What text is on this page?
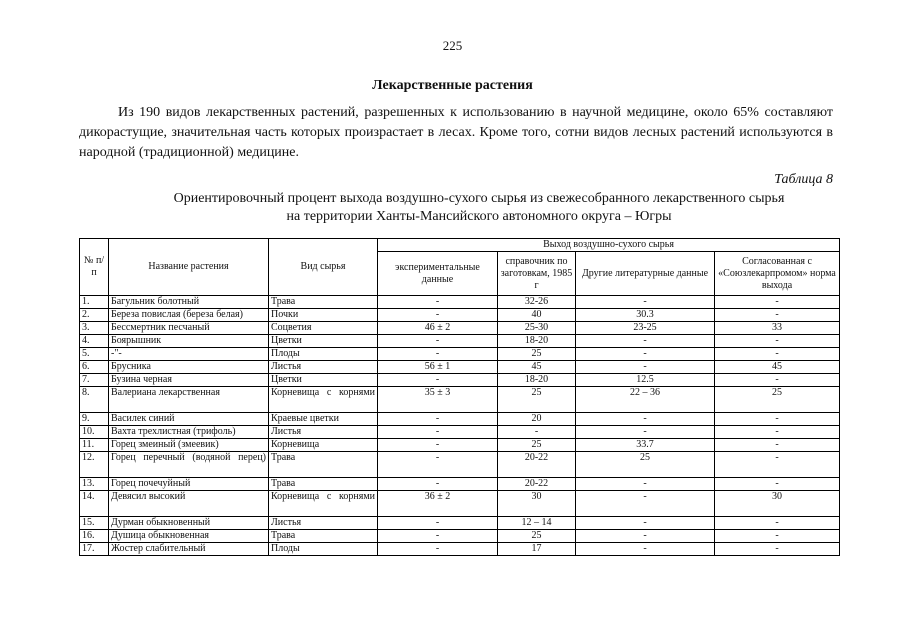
225
Лекарственные растения

Из 190 видов лекарственных растений, разрешенных к использованию в научной медицине, около 65% составляют дикорастущие, значительная часть которых произрастает в лесах. Кроме того, сотни видов лесных растений используются в народной (традиционной) медицине.

Таблица 8
Ориентировочный процент выхода воздушно-сухого сырья из свежесобранного лекарственного сырья
на территории Ханты-Мансийского автономного округа – Югры
№ п/п	Название растения	Вид сырья	Выход воздушно-сухого сырья			
			экспериментальные данные	справочник по заготовкам, 1985 г	Другие литературные данные	Согласованная с «Союзлекарпромом» норма выхода
1.	Багульник болотный	Трава	-	32-26	-	-
2.	Береза повислая (береза белая)	Почки	-	40	30.3	-
3.	Бессмертник песчаный	Соцветия	46 ± 2	25-30	23-25	33
4.	Боярышник	Цветки	-	18-20	-	-
5.	-"-	Плоды	-	25	-	-
6.	Брусника	Листья	56 ± 1	45	-	45
7.	Бузина черная	Цветки	-	18-20	12.5	-
8.	Валериана лекарственная	Корневища с корнями	35 ± 3	25	22 – 36	25
9.	Василек синий	Краевые цветки	-	20	-	-
10.	Вахта трехлистная (трифоль)	Листья	-	-	-	-
11.	Горец змеиный (змеевик)	Корневища	-	25	33.7	-
12.	Горец перечный (водяной перец)	Трава	-	20-22	25	-
13.	Горец почечуйный	Трава	-	20-22	-	-
14.	Девясил высокий	Корневища с корнями	36 ± 2	30	-	30
15.	Дурман обыкновенный	Листья	-	12 – 14	-	-
16.	Душица обыкновенная	Трава	-	25	-	-
17.	Жостер слабительный	Плоды	-	17	-	-
